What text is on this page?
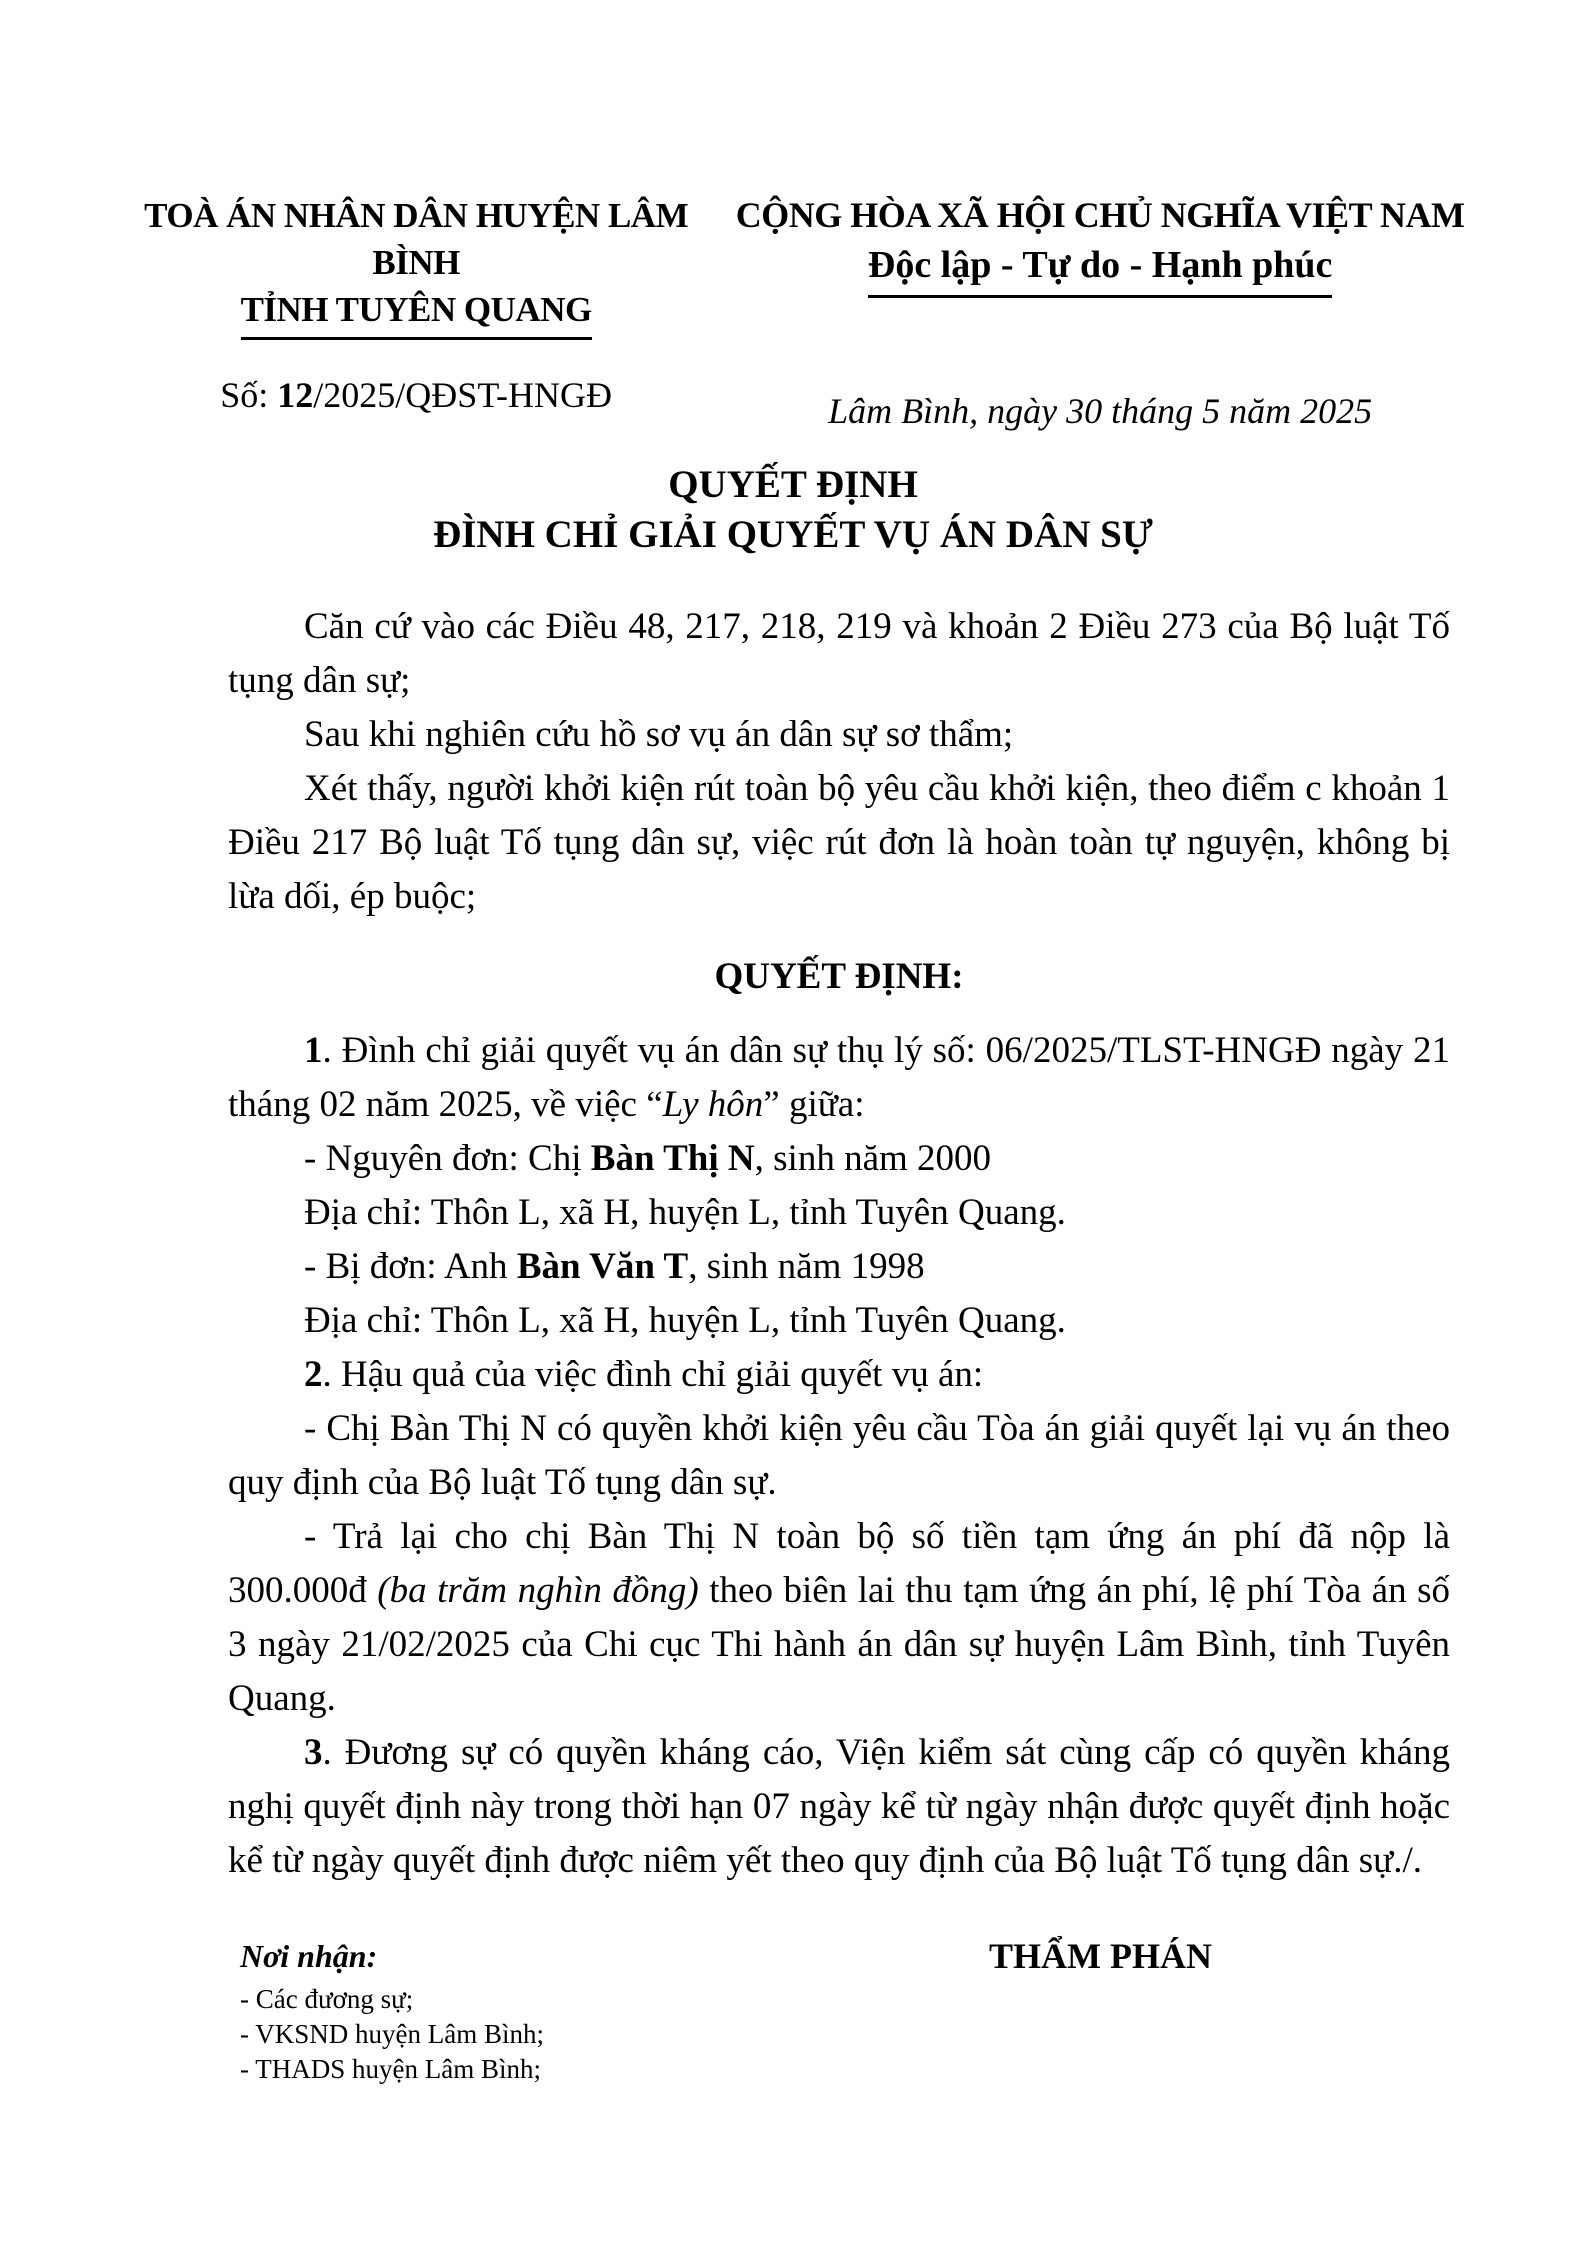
TOÀ ÁN NHÂN DÂN HUYỆN LÂM BÌNH
TỈNH TUYÊN QUANG
CỘNG HÒA XÃ HỘI CHỦ NGHĨA VIỆT NAM
Độc lập - Tự do - Hạnh phúc
Số: 12/2025/QĐST-HNGĐ	Lâm Bình, ngày 30 tháng 5 năm 2025
QUYẾT ĐỊNH
ĐÌNH CHỈ GIẢI QUYẾT VỤ ÁN DÂN SỰ

Căn cứ vào các Điều 48, 217, 218, 219 và khoản 2 Điều 273 của Bộ luật Tố tụng dân sự;

Sau khi nghiên cứu hồ sơ vụ án dân sự sơ thẩm;

Xét thấy, người khởi kiện rút toàn bộ yêu cầu khởi kiện, theo điểm c khoản 1 Điều 217 Bộ luật Tố tụng dân sự, việc rút đơn là hoàn toàn tự nguyện, không bị lừa dối, ép buộc;

QUYẾT ĐỊNH:

1. Đình chỉ giải quyết vụ án dân sự thụ lý số: 06/2025/TLST-HNGĐ ngày 21 tháng 02 năm 2025, về việc “Ly hôn” giữa:

- Nguyên đơn: Chị Bàn Thị N, sinh năm 2000

Địa chỉ: Thôn L, xã H, huyện L, tỉnh Tuyên Quang.

- Bị đơn: Anh Bàn Văn T, sinh năm 1998

Địa chỉ: Thôn L, xã H, huyện L, tỉnh Tuyên Quang.

2. Hậu quả của việc đình chỉ giải quyết vụ án:

- Chị Bàn Thị N có quyền khởi kiện yêu cầu Tòa án giải quyết lại vụ án theo quy định của Bộ luật Tố tụng dân sự.

- Trả lại cho chị Bàn Thị N toàn bộ số tiền tạm ứng án phí đã nộp là 300.000đ (ba trăm nghìn đồng) theo biên lai thu tạm ứng án phí, lệ phí Tòa án số 3 ngày 21/02/2025 của Chi cục Thi hành án dân sự huyện Lâm Bình, tỉnh Tuyên Quang.

3. Đương sự có quyền kháng cáo, Viện kiểm sát cùng cấp có quyền kháng nghị quyết định này trong thời hạn 07 ngày kể từ ngày nhận được quyết định hoặc kể từ ngày quyết định được niêm yết theo quy định của Bộ luật Tố tụng dân sự./.

Nơi nhận:
- Các đương sự;
- VKSND huyện Lâm Bình;
- THADS huyện Lâm Bình;
THẨM PHÁN
